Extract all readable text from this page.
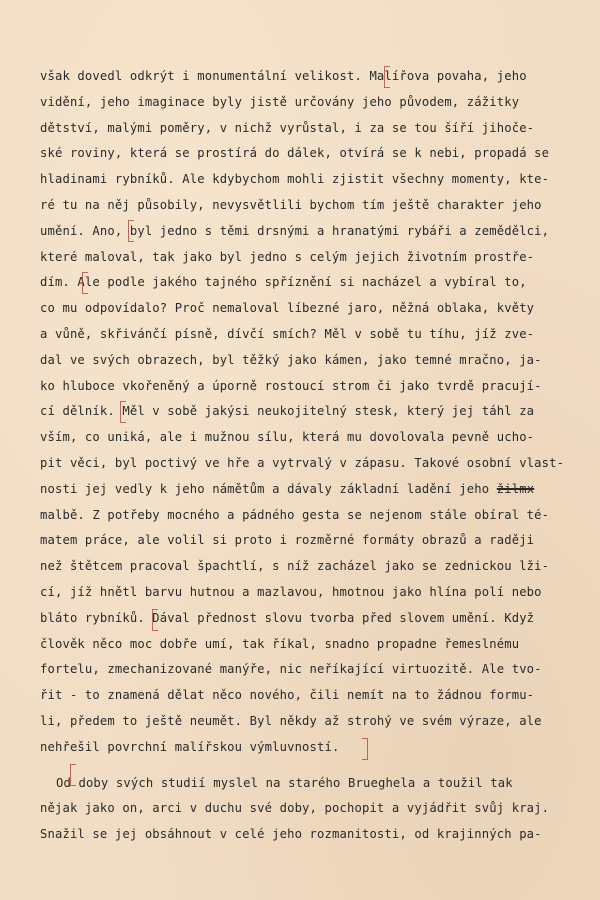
však dovedl odkrýt i monumentální velikost. Malířova povaha, jeho
vidění, jeho imaginace byly jistě určovány jeho původem, zážitky
dětství, malými poměry, v nichž vyrůstal, i za se tou šíří jihoče-
ské roviny, která se prostírá do dálek, otvírá se k nebi, propadá se
hladinami rybníků. Ale kdybychom mohli zjistit všechny momenty, kte-
ré tu na něj působily, nevysvětlili bychom tím ještě charakter jeho
umění. Ano, byl jedno s těmi drsnými a hranatými rybáři a zemědělci,
které maloval, tak jako byl jedno s celým jejich životním prostře-
dím. Ale podle jakého tajného spříznění si nacházel a vybíral to,
co mu odpovídalo? Proč nemaloval líbezné jaro, něžná oblaka, květy
a vůně, skřivánčí písně, dívčí smích? Měl v sobě tu tíhu, jíž zve-
dal ve svých obrazech, byl těžký jako kámen, jako temné mračno, ja-
ko hluboce vkořeněný a úporně rostoucí strom či jako tvrdě pracují-
cí dělník. Měl v sobě jakýsi neukojitelný stesk, který jej táhl za
vším, co uniká, ale i mužnou sílu, která mu dovolovala pevně ucho-
pit věci, byl poctivý ve hře a vytrvalý v zápasu. Takové osobní vlast-
nosti jej vedly k jeho námětům a dávaly základní ladění jeho žilmx
malbě. Z potřeby mocného a pádného gesta se nejenom stále obíral té-
matem práce, ale volil si proto i rozměrné formáty obrazů a raději
než štětcem pracoval špachtlí, s níž zacházel jako se zednickou lži-
cí, jíž hnětl barvu hutnou a mazlavou, hmotnou jako hlína polí nebo
bláto rybníků. Dával přednost slovu tvorba před slovem umění. Když
člověk něco moc dobře umí, tak říkal, snadno propadne řemeslnému
fortelu, zmechanizované manýře, nic neříkající virtuozitě. Ale tvo-
řit - to znamená dělat něco nového, čili nemít na to žádnou formu-
li, předem to ještě neumět. Byl někdy až strohý ve svém výraze, ale
nehřešil povrchní malířskou výmluvností.
Od doby svých studií myslel na starého Brueghela a toužil tak
nějak jako on, arci v duchu své doby, pochopit a vyjádřit svůj kraj.
Snažil se jej obsáhnout v celé jeho rozmanitosti, od krajinných pa-
